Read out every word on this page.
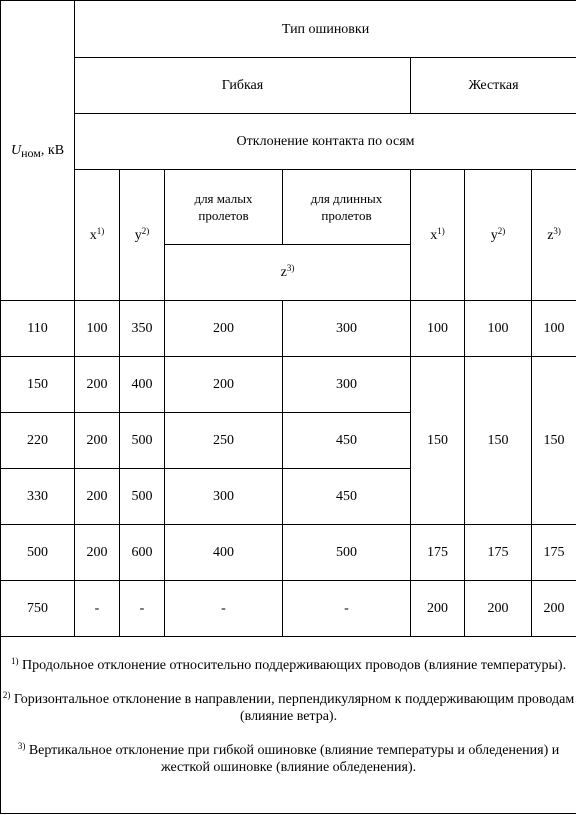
$U_{ном}$, кВ	Тип ошиновки						
	Гибкая				Жесткая		
	Отклонение контакта по осям						
	$x^{1)}$	$y^{2)}$	для малых пролетов	для длинных пролетов	$x^{1)}$	$y^{2)}$	$z^{3)}$
			$z^{3)}$
110	100	350	200	300	100	100	100
150	200	400	200	300	150	150	150
220	200	500	250	450			
330	200	500	300	450			
500	200	600	400	500	175	175	175
750	-	-	-	-	200	200	200

$^{1)}$ Продольное отклонение относительно поддерживающих проводов (влияние температуры).
$^{2)}$ Горизонтальное отклонение в направлении, перпендикулярном к поддерживающим проводам (влияние ветра).
$^{3)}$ Вертикальное отклонение при гибкой ошиновке (влияние температуры и обледенения) и жесткой ошиновке (влияние обледенения).							
